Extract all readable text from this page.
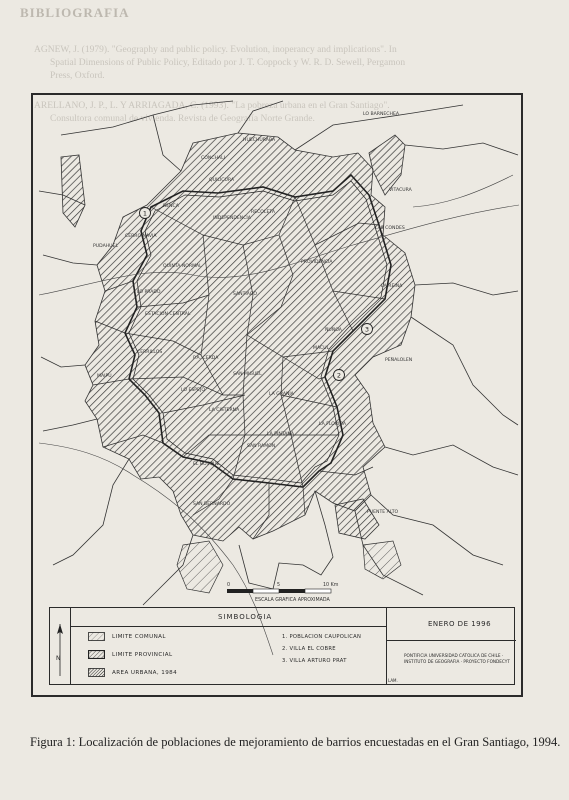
BIBLIOGRAFIA
AGNEW, J. (1979). "Geography and public policy. Evolution, inoperancy and implications". In
Spatial Dimensions of Public Policy, Editado por J. T. Coppock y W. R. D. Sewell, Pergamon
Press, Oxford.
ARELLANO, J. P., L. Y ARRIAGADA, C. (1993). "La pobreza urbana en el Gran Santiago".
Consultora comunal de vivienda. Revista de Geografía Norte Grande.	LO BARNECHEA
HUECHURABA
CONCHALI
VITACURA
LAS CONDES
PROVIDENCIA
LA REINA
ÑUÑOA
PEÑALOLEN
MACUL
LA FLORIDA
PUENTE ALTO
LA PINTANA
EL BOSQUE
LA CISTERNA
SAN RAMON
LA GRANJA
SAN MIGUEL
LO ESPEJO
P.A. CERDA
MAIPU
CERRILLOS
ESTACION CENTRAL
SANTIAGO
QUINTA NORMAL
LO PRADO
PUDAHUEL
CERRO NAVIA
RENCA
INDEPENDENCIA
RECOLETA
QUILICURA
SAN BERNARDO
1
2
3
0	5	10 Km
ESCALA GRAFICA APROXIMADA
N
SIMBOLOGIA
LIMITE COMUNAL
LIMITE PROVINCIAL
AREA URBANA, 1984
1. POBLACION CAUPOLICAN
2. VILLA EL COBRE
3. VILLA ARTURO PRAT
ENERO DE 1996
PONTIFICIA UNIVERSIDAD CATOLICA DE CHILE · INSTITUTO DE GEOGRAFIA · PROYECTO FONDECYT
LAM.
Figura 1: Localización de poblaciones de mejoramiento de barrios encuestadas en el Gran Santiago, 1994.
